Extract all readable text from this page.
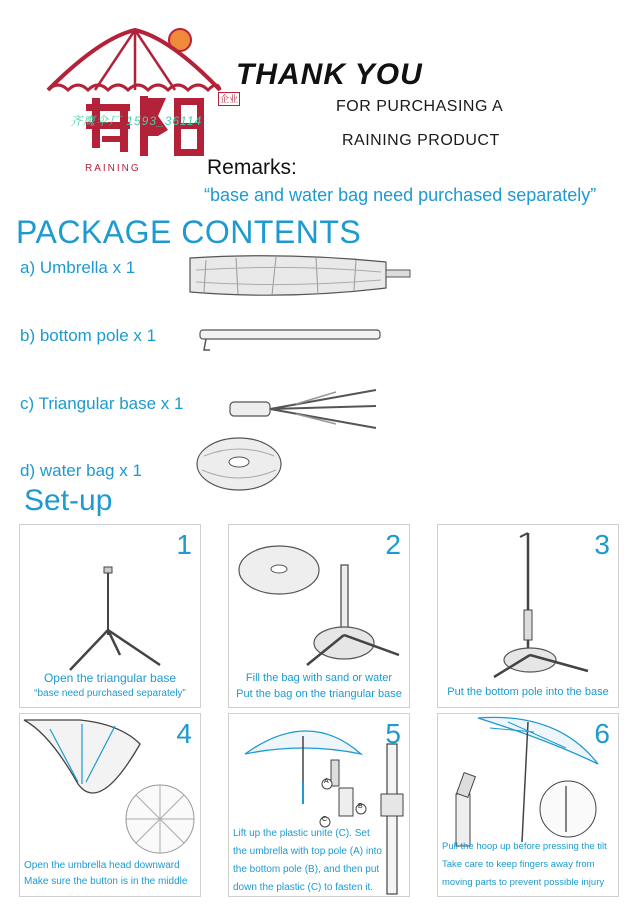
企业
RAINING
齐鹰伞厂 1593_36114
THANK YOU
FOR PURCHASING A
RAINING PRODUCT
Remarks:
“base and water bag need purchased separately”
PACKAGE CONTENTS
a) Umbrella x 1
b) bottom pole x 1
c) Triangular base x 1
d) water bag x 1
Set-up
1
Open the triangular base
“base need purchased separately”
2
Fill the bag with sand or water
Put the bag on the triangular base
3
Put the bottom pole into the base
4
Open the umbrella head downward
Make sure the button is in the middle
A
B
C
5
Lift up the plastic unite (C). Set
the umbrella with top pole (A) into
the bottom pole (B), and then put
down the plastic (C) to fasten it.
6
Pull the hoop up before pressing the tilt
Take care to keep fingers away from
moving parts to prevent possible injury
